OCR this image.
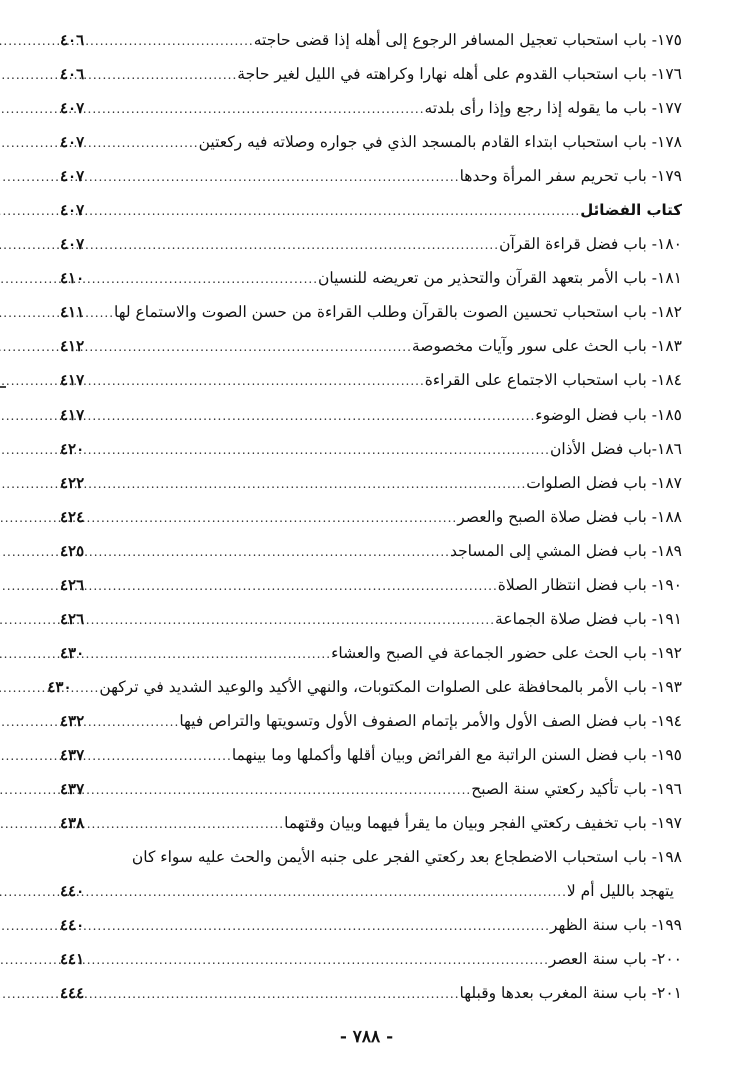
١٧٥- باب استحباب تعجيل المسافر الرجوع إلى أهله إذا قضى حاجته
.....
٤٠٦
١٧٦- باب استحباب القدوم على أهله نهارا وكراهته في الليل لغير حاجة
.....
٤٠٦
١٧٧- باب ما يقوله إذا رجع وإذا رأى بلدته
.....
٤٠٧
١٧٨- باب استحباب ابتداء القادم بالمسجد الذي في جواره وصلاته فيه ركعتين
.....
٤٠٧
١٧٩- باب تحريم سفر المرأة وحدها
.....
٤٠٧
كتاب الفضائل
.....
٤٠٧
١٨٠- باب فضل قراءة القرآن
.....
٤٠٧
١٨١- باب الأمر بتعهد القرآن والتحذير من تعريضه للنسيان
.....
٤١٠
١٨٢- باب استحباب تحسين الصوت بالقرآن وطلب القراءة من حسن الصوت والاستماع لها
.....
٤١١
١٨٣- باب الحث على سور وآيات مخصوصة
.....
٤١٢
١٨٤- باب استحباب الاجتماع على القراءة
.....
٤١٧
١٨٥- باب فضل الوضوء
.....
٤١٧
١٨٦-باب فضل الأذان
.....
٤٢٠
١٨٧- باب فضل الصلوات
.....
٤٢٢
١٨٨- باب فضل صلاة الصبح والعصر
.....
٤٢٤
١٨٩- باب فضل المشي إلى المساجد
.....
٤٢٥
١٩٠- باب فضل انتظار الصلاة
.....
٤٢٦
١٩١- باب فضل صلاة الجماعة
.....
٤٢٦
١٩٢- باب الحث على حضور الجماعة في الصبح والعشاء
.....
٤٣٠
١٩٣- باب الأمر بالمحافظة على الصلوات المكتوبات، والنهي الأكيد والوعيد الشديد في تركهن
.....
٤٣٠
١٩٤- باب فضل الصف الأول والأمر بإتمام الصفوف الأول وتسويتها والتراص فيها
.....
٤٣٢
١٩٥- باب فضل السنن الراتبة مع الفرائض وبيان أقلها وأكملها وما بينهما
.....
٤٣٧
١٩٦- باب تأكيد ركعتي سنة الصبح
.....
٤٣٧
١٩٧- باب تخفيف ركعتي الفجر وبيان ما يقرأ فيهما وبيان وقتهما
.....
٤٣٨
١٩٨- باب استحباب الاضطجاع بعد ركعتي الفجر على جنبه الأيمن والحث عليه سواء كان
يتهجد بالليل أم لا
.....
٤٤٠
١٩٩- باب سنة الظهر
.....
٤٤٠
٢٠٠- باب سنة العصر
.....
٤٤١
٢٠١- باب سنة المغرب بعدها وقبلها
.....
٤٤٤
- ٧٨٨ -
